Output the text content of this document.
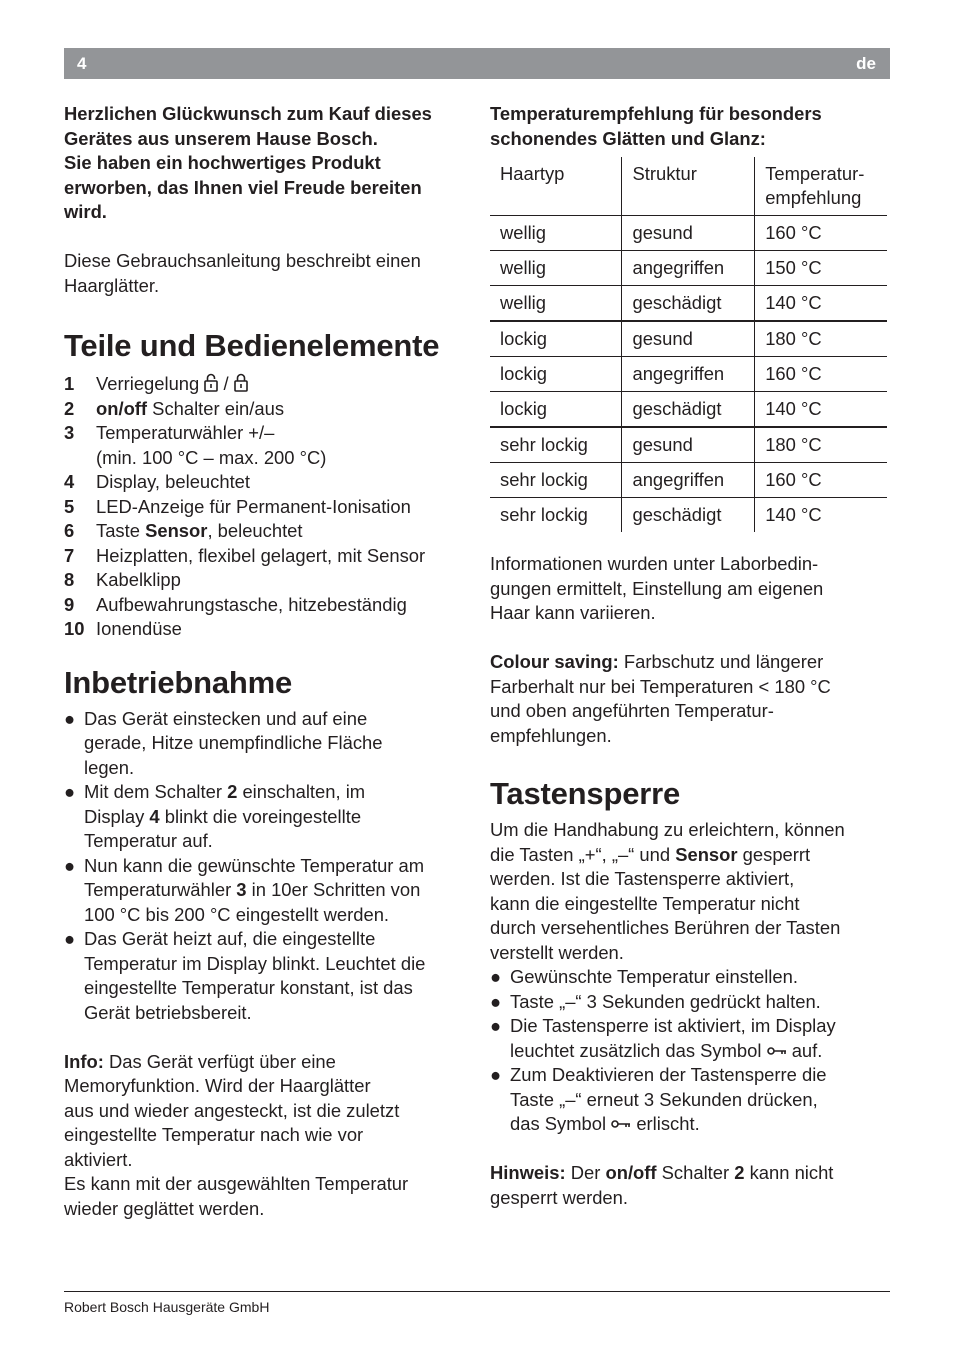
4	de

Herzlichen Glückwunsch zum Kauf dieses
Gerätes aus unserem Hause Bosch.
Sie haben ein hochwertiges Produkt
erworben, das Ihnen viel Freude bereiten
wird.

Diese Gebrauchsanleitung beschreibt einen
Haarglätter.

Teile und Bedienelemente
1 Verriegelung /
2 on/off Schalter ein/aus
3 Temperaturwähler +/–
(min. 100 °C – max. 200 °C)
4 Display, beleuchtet
5 LED-Anzeige für Permanent-Ionisation
6 Taste Sensor, beleuchtet
7 Heizplatten, flexibel gelagert, mit Sensor
8 Kabelklipp
9 Aufbewahrungstasche, hitzebeständig
10 Ionendüse
Inbetriebnahme
● Das Gerät einstecken und auf eine
gerade, Hitze unempfindliche Fläche
legen.
● Mit dem Schalter 2 einschalten, im
Display 4 blinkt die voreingestellte
Temperatur auf.
● Nun kann die gewünschte Temperatur am
Temperaturwähler 3 in 10er Schritten von
100 °C bis 200 °C eingestellt werden.
● Das Gerät heizt auf, die eingestellte
Temperatur im Display blinkt. Leuchtet die
eingestellte Temperatur konstant, ist das
Gerät betriebsbereit.

Info: Das Gerät verfügt über eine
Memoryfunktion. Wird der Haarglätter
aus und wieder angesteckt, ist die zuletzt
eingestellte Temperatur nach wie vor
aktiviert.
Es kann mit der ausgewählten Temperatur
wieder geglättet werden.

Temperaturempfehlung für besonders
schonendes Glätten und Glanz:

Haartyp	Struktur	Temperatur-
empfehlung
wellig	gesund	160 °C
wellig	angegriffen	150 °C
wellig	geschädigt	140 °C
lockig	gesund	180 °C
lockig	angegriffen	160 °C
lockig	geschädigt	140 °C
sehr lockig	gesund	180 °C
sehr lockig	angegriffen	160 °C
sehr lockig	geschädigt	140 °C

Informationen wurden unter Laborbedin-
gungen ermittelt, Einstellung am eigenen
Haar kann variieren.

Colour saving: Farbschutz und längerer
Farberhalt nur bei Temperaturen < 180 °C
und oben angeführten Temperatur-
empfehlungen.

Tastensperre

Um die Handhabung zu erleichtern, können
die Tasten „+“, „–“ und Sensor gesperrt
werden. Ist die Tastensperre aktiviert,
kann die eingestellte Temperatur nicht
durch versehentliches Berühren der Tasten
verstellt werden.

● Gewünschte Temperatur einstellen.
● Taste „–“ 3 Sekunden gedrückt halten.
● Die Tastensperre ist aktiviert, im Display
leuchtet zusätzlich das Symbol  auf.
● Zum Deaktivieren der Tastensperre die
Taste „–“ erneut 3 Sekunden drücken,
das Symbol  erlischt.

Hinweis: Der on/off Schalter 2 kann nicht
gesperrt werden.

Robert Bosch Hausgeräte GmbH
